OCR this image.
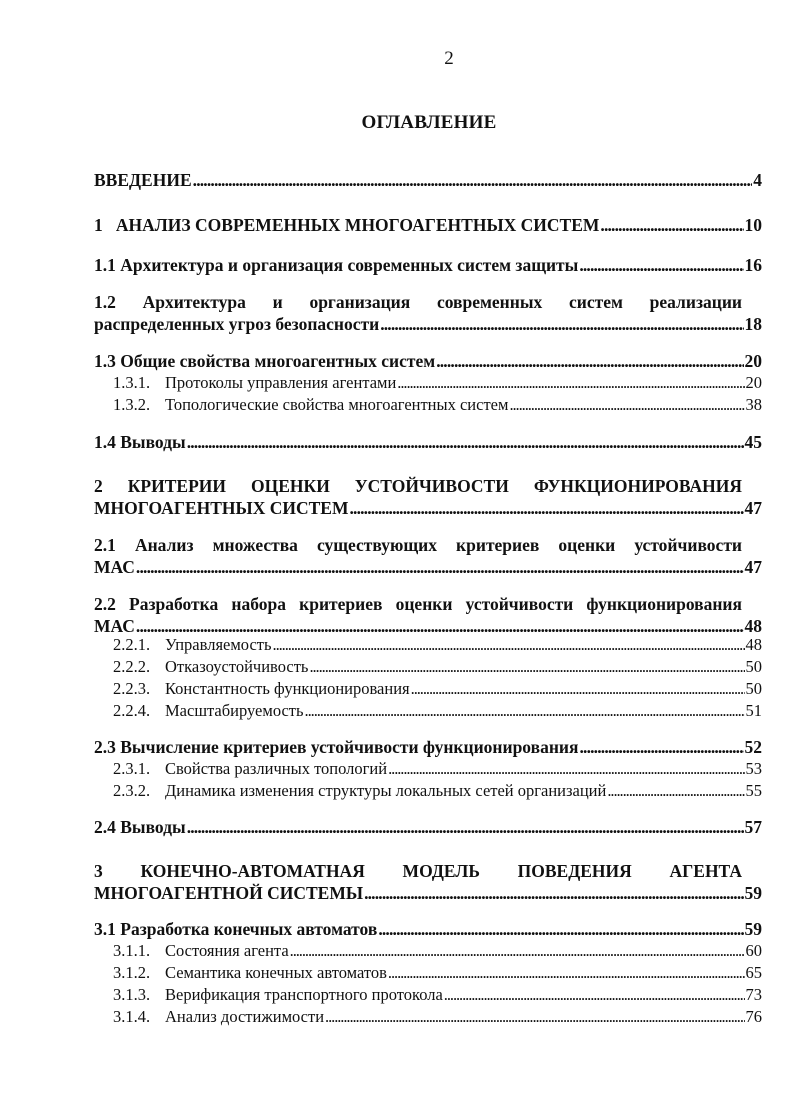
2
ОГЛАВЛЕНИЕ
ВВЕДЕНИЕ . . .	4
1   АНАЛИЗ СОВРЕМЕННЫХ МНОГОАГЕНТНЫХ СИСТЕМ . . .	10
1.1 Архитектура и организация современных систем защиты . . .	16
1.2 Архитектура и организация современных систем реализации
распределенных угроз безопасности . . .	18
1.3 Общие свойства многоагентных систем . . .	20
1.3.1. Протоколы управления агентами . . .	20
1.3.2. Топологические свойства многоагентных систем . . .	38
1.4 Выводы . . .	45
2 КРИТЕРИИ ОЦЕНКИ УСТОЙЧИВОСТИ ФУНКЦИОНИРОВАНИЯ
МНОГОАГЕНТНЫХ СИСТЕМ . . .	47
2.1 Анализ множества существующих критериев оценки устойчивости
МАС . . .	47
2.2 Разработка набора критериев оценки устойчивости функционирования
МАС . . .	48
2.2.1. Управляемость . . .	48
2.2.2. Отказоустойчивость . . .	50
2.2.3. Константность функционирования . . .	50
2.2.4. Масштабируемость . . .	51
2.3 Вычисление критериев устойчивости функционирования . . .	52
2.3.1. Свойства различных топологий . . .	53
2.3.2. Динамика изменения структуры локальных сетей организаций . . .	55
2.4 Выводы . . .	57
3 КОНЕЧНО-АВТОМАТНАЯ МОДЕЛЬ ПОВЕДЕНИЯ АГЕНТА
МНОГОАГЕНТНОЙ СИСТЕМЫ . . .	59
3.1 Разработка конечных автоматов . . .	59
3.1.1. Состояния агента . . .	60
3.1.2. Семантика конечных автоматов . . .	65
3.1.3. Верификация транспортного протокола . . .	73
3.1.4. Анализ достижимости . . .	76
